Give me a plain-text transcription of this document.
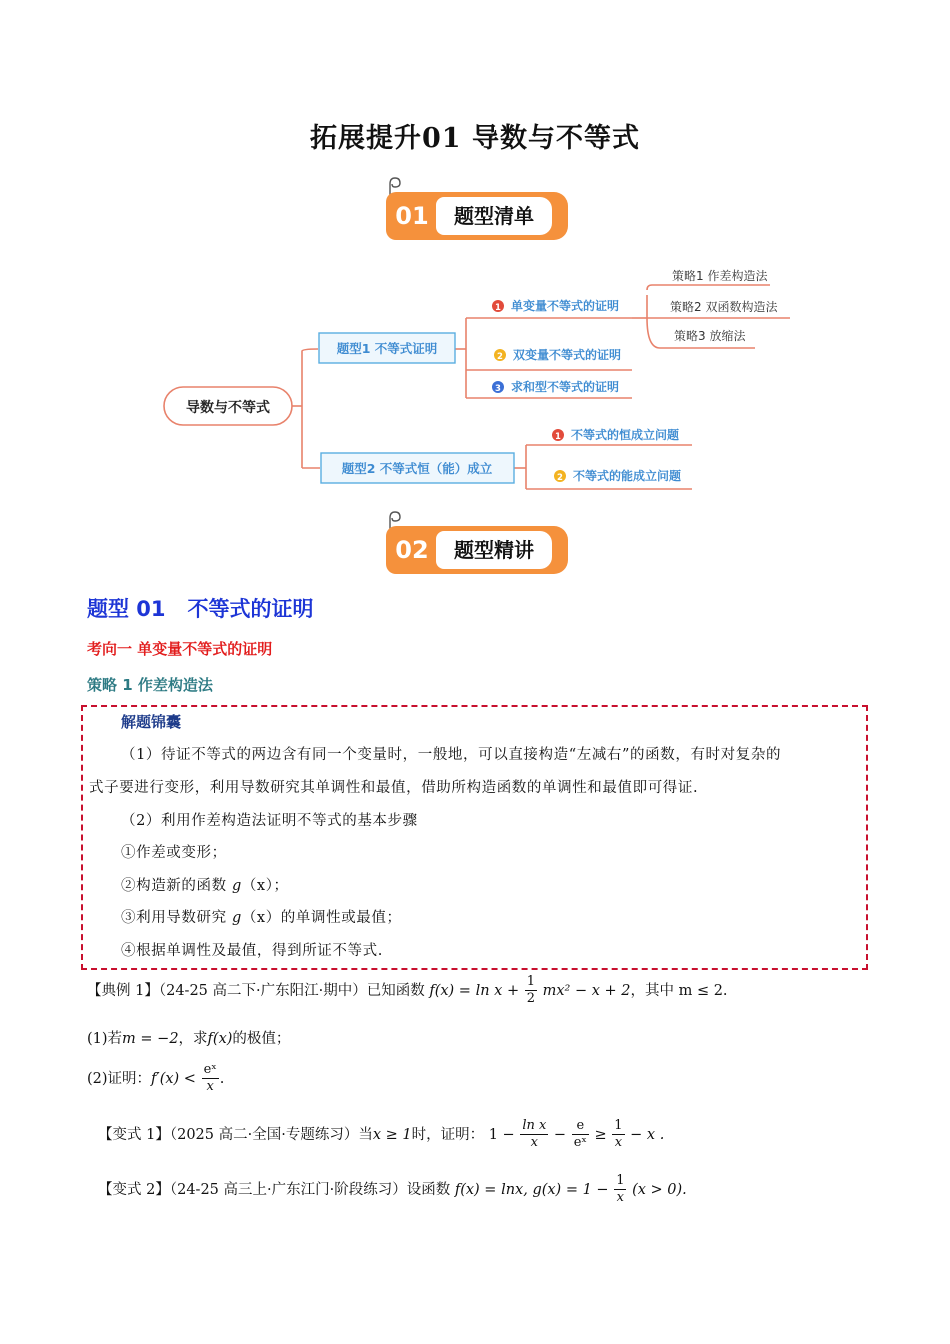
拓展提升01 导数与不等式
01	题型清单
导数与不等式
题型1 不等式证明
题型2 不等式恒（能）成立
1 单变量不等式的证明
2 双变量不等式的证明
3 求和型不等式的证明
策略1 作差构造法
策略2 双函数构造法
策略3 放缩法
1 不等式的恒成立问题
2 不等式的能成立问题
02	题型精讲
题型 01 不等式的证明
考向一 单变量不等式的证明
策略 1 作差构造法
解题锦囊
（1）待证不等式的两边含有同一个变量时，一般地，可以直接构造“左减右”的函数，有时对复杂的
式子要进行变形，利用导数研究其单调性和最值，借助所构造函数的单调性和最值即可得证.
（2）利用作差构造法证明不等式的基本步骤
①作差或变形；
②构造新的函数 g（x）；
③利用导数研究 g（x）的单调性或最值；
④根据单调性及最值，得到所证不等式.
【典例 1】（24-25 高二下·广东阳江·期中）已知函数 $f(x) = \ln x + \frac{1}{2} mx^2 - x + 2$，其中 m ≤ 2.
(1)若m = −2，求f(x)的极值；
(2)证明：$f'(x) < \frac{\text{eˣ}}{x}$ .
【变式 1】（2025 高二·全国·专题练习）当x ≥ 1时，证明： $1 - \frac{\text{ln x}}{x} - \frac{e}{\text{eˣ}} \ge \frac{1}{x} - x$ .
【变式 2】（24-25 高三上·广东江门·阶段练习）设函数 f(x) = lnx, $g(x) = 1 - \frac{1}{x} (x > 0)$.
